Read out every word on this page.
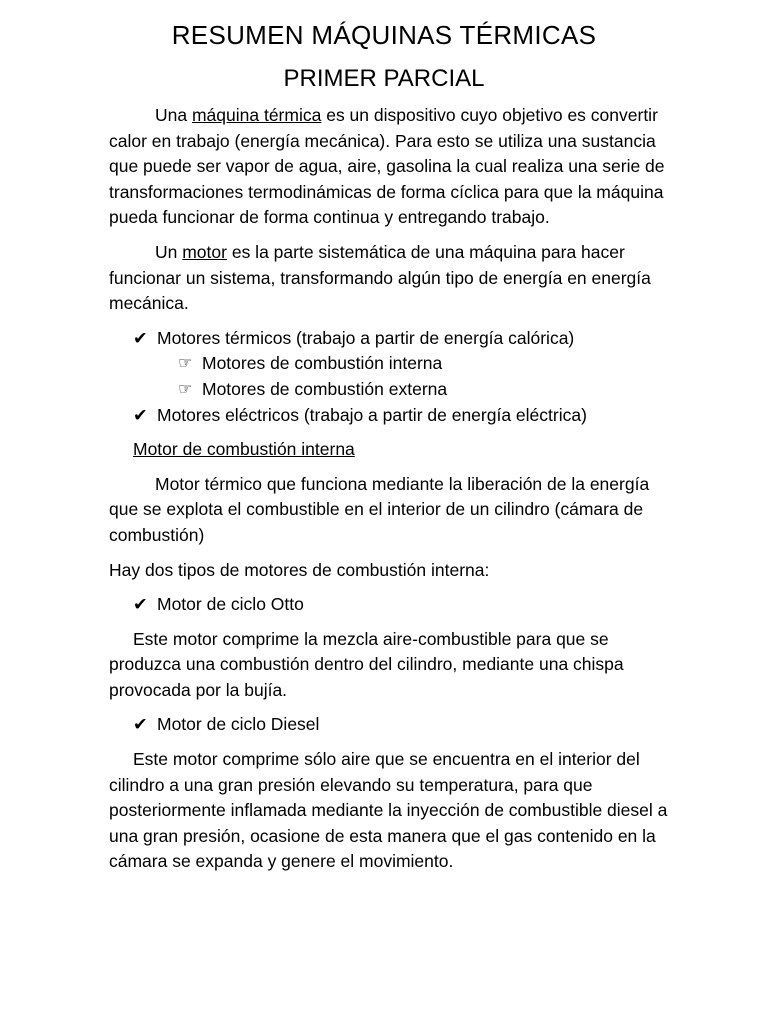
RESUMEN MÁQUINAS TÉRMICAS
PRIMER PARCIAL

Una máquina térmica es un dispositivo cuyo objetivo es convertir calor en trabajo (energía mecánica). Para esto se utiliza una sustancia que puede ser vapor de agua, aire, gasolina la cual realiza una serie de transformaciones termodinámicas de forma cíclica para que la máquina pueda funcionar de forma continua y entregando trabajo.

Un motor es la parte sistemática de una máquina para hacer funcionar un sistema, transformando algún tipo de energía en energía mecánica.

✔ Motores térmicos (trabajo a partir de energía calórica)
☞ Motores de combustión interna
☞ Motores de combustión externa
✔ Motores eléctricos (trabajo a partir de energía eléctrica)

Motor de combustión interna

Motor térmico que funciona mediante la liberación de la energía que se explota el combustible en el interior de un cilindro (cámara de combustión)

Hay dos tipos de motores de combustión interna:

✔ Motor de ciclo Otto

Este motor comprime la mezcla aire-combustible para que se produzca una combustión dentro del cilindro, mediante una chispa provocada por la bujía.

✔ Motor de ciclo Diesel

Este motor comprime sólo aire que se encuentra en el interior del cilindro a una gran presión elevando su temperatura, para que posteriormente inflamada mediante la inyección de combustible diesel a una gran presión, ocasione de esta manera que el gas contenido en la cámara se expanda y genere el movimiento.
